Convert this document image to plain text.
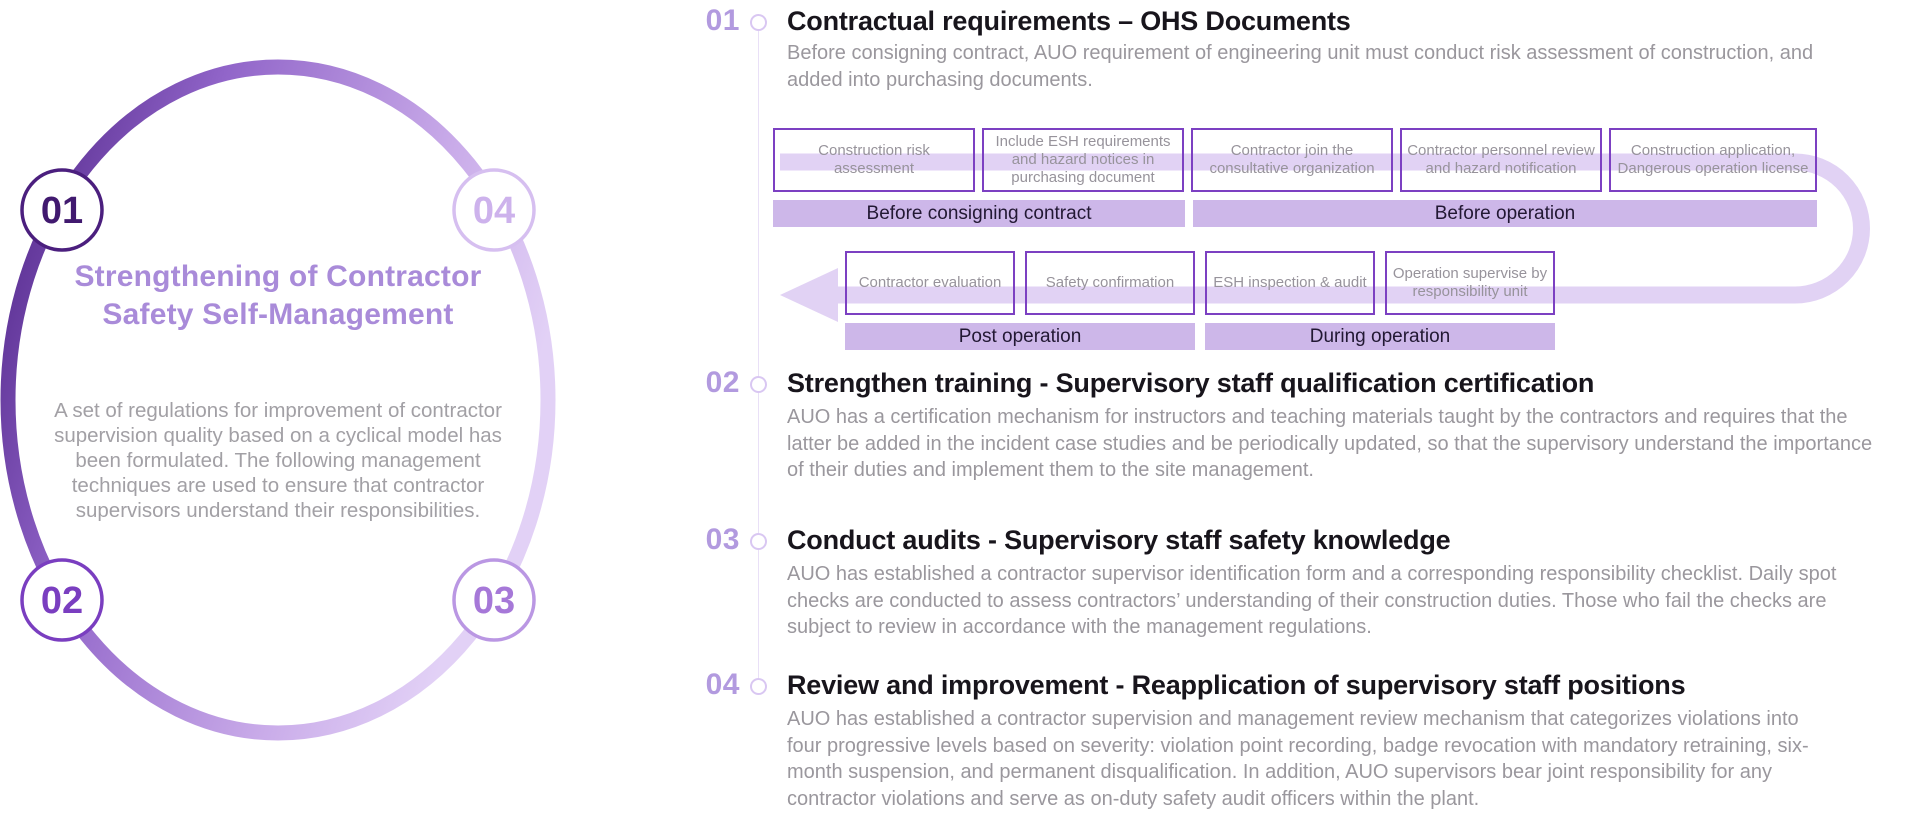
01	04
02	03
Strengthening of Contractor Safety Self-Management
A set of regulations for improvement of contractor supervision quality based on a cyclical model has been formulated. The following management techniques are used to ensure that contractor supervisors understand their responsibilities.
01 Contractual requirements – OHS Documents
Before consigning contract, AUO requirement of engineering unit must conduct risk assessment of construction, and added into purchasing documents.
Construction risk assessment
Include ESH requirements and hazard notices in purchasing document
Contractor join the consultative organization
Contractor personnel review and hazard notification
Construction application, Dangerous operation license
Before consigning contract	Before operation
Contractor evaluation	Safety confirmation	ESH inspection & audit
Operation supervise by responsibility unit
Post operation	During operation
02 Strengthen training - Supervisory staff qualification certification
AUO has a certification mechanism for instructors and teaching materials taught by the contractors and requires that the latter be added in the incident case studies and be periodically updated, so that the supervisory understand the importance of their duties and implement them to the site management.
03 Conduct audits - Supervisory staff safety knowledge
AUO has established a contractor supervisor identification form and a corresponding responsibility checklist. Daily spot checks are conducted to assess contractors’ understanding of their construction duties. Those who fail the checks are subject to review in accordance with the management regulations.
04 Review and improvement - Reapplication of supervisory staff positions
AUO has established a contractor supervision and management review mechanism that categorizes violations into four progressive levels based on severity: violation point recording, badge revocation with mandatory retraining, six-month suspension, and permanent disqualification. In addition, AUO supervisors bear joint responsibility for any contractor violations and serve as on-duty safety audit officers within the plant.
